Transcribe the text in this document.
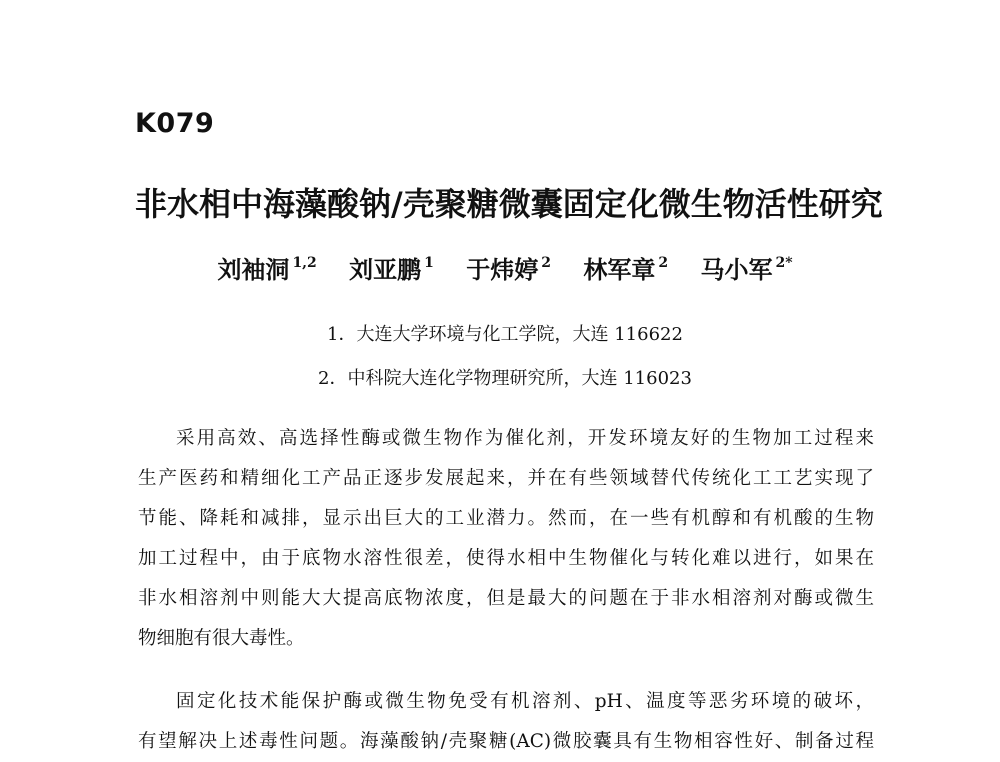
K079
非水相中海藻酸钠/壳聚糖微囊固定化微生物活性研究
刘袖洞 $^{1,2}$ 刘亚鹏 $^1$ 于炜婷 $^2$ 林军章 $^2$ 马小军 $^{2*}$
1．大连大学环境与化工学院，大连 116622
2．中科院大连化学物理研究所，大连 116023
采用高效、高选择性酶或微生物作为催化剂，开发环境友好的生物加工过程来
生产医药和精细化工产品正逐步发展起来，并在有些领域替代传统化工工艺实现了
节能、降耗和减排，显示出巨大的工业潜力。然而，在一些有机醇和有机酸的生物
加工过程中，由于底物水溶性很差，使得水相中生物催化与转化难以进行，如果在
非水相溶剂中则能大大提高底物浓度，但是最大的问题在于非水相溶剂对酶或微生
物细胞有很大毒性。
固定化技术能保护酶或微生物免受有机溶剂、pH、温度等恶劣环境的破坏，
有望解决上述毒性问题。海藻酸钠/壳聚糖(AC)微胶囊具有生物相容性好、制备过程
